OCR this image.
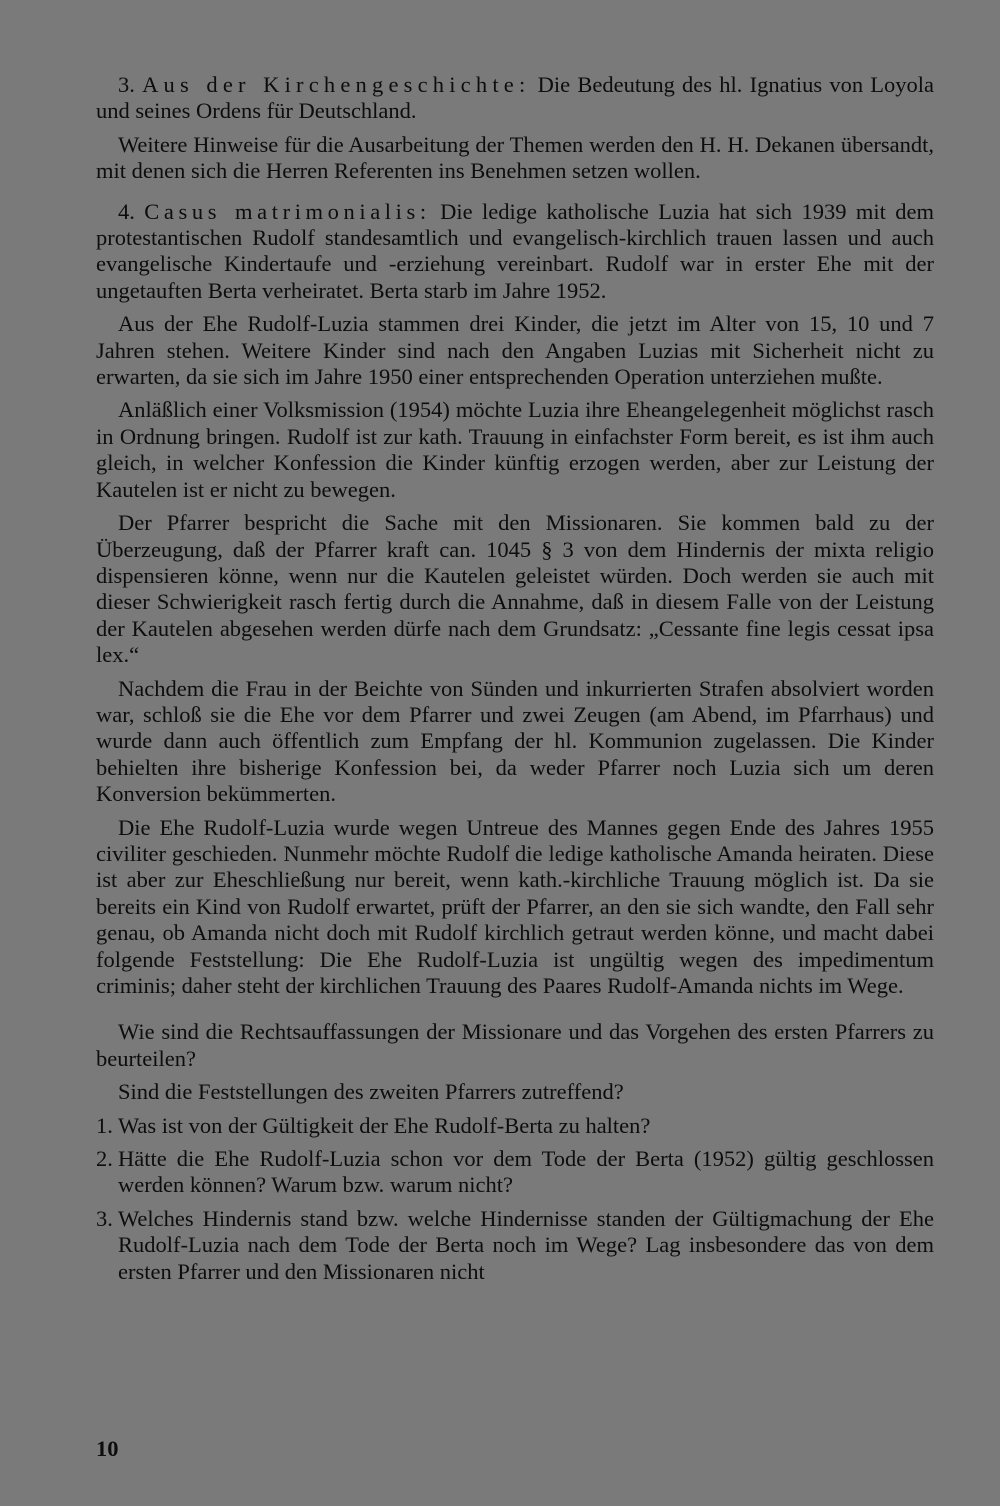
3. Aus der Kirchengeschichte: Die Bedeutung des hl. Ignatius von Loyola und seines Ordens für Deutschland.

Weitere Hinweise für die Ausarbeitung der Themen werden den H. H. Dekanen übersandt, mit denen sich die Herren Referenten ins Benehmen setzen wollen.

4. Casus matrimonialis: Die ledige katholische Luzia hat sich 1939 mit dem protestantischen Rudolf standesamtlich und evangelisch-kirchlich trauen lassen und auch evangelische Kindertaufe und -erziehung vereinbart. Rudolf war in erster Ehe mit der ungetauften Berta verheiratet. Berta starb im Jahre 1952.

Aus der Ehe Rudolf-Luzia stammen drei Kinder, die jetzt im Alter von 15, 10 und 7 Jahren stehen. Weitere Kinder sind nach den Angaben Luzias mit Sicherheit nicht zu erwarten, da sie sich im Jahre 1950 einer entsprechenden Operation unterziehen mußte.

Anläßlich einer Volksmission (1954) möchte Luzia ihre Eheangelegenheit möglichst rasch in Ordnung bringen. Rudolf ist zur kath. Trauung in einfachster Form bereit, es ist ihm auch gleich, in welcher Konfession die Kinder künftig erzogen werden, aber zur Leistung der Kautelen ist er nicht zu bewegen.

Der Pfarrer bespricht die Sache mit den Missionaren. Sie kommen bald zu der Überzeugung, daß der Pfarrer kraft can. 1045 § 3 von dem Hindernis der mixta religio dispensieren könne, wenn nur die Kautelen geleistet würden. Doch werden sie auch mit dieser Schwierigkeit rasch fertig durch die Annahme, daß in diesem Falle von der Leistung der Kautelen abgesehen werden dürfe nach dem Grundsatz: „Cessante fine legis cessat ipsa lex.“

Nachdem die Frau in der Beichte von Sünden und inkurrierten Strafen absolviert worden war, schloß sie die Ehe vor dem Pfarrer und zwei Zeugen (am Abend, im Pfarrhaus) und wurde dann auch öffentlich zum Empfang der hl. Kommunion zugelassen. Die Kinder behielten ihre bisherige Konfession bei, da weder Pfarrer noch Luzia sich um deren Konversion bekümmerten.

Die Ehe Rudolf-Luzia wurde wegen Untreue des Mannes gegen Ende des Jahres 1955 civiliter geschieden. Nunmehr möchte Rudolf die ledige katholische Amanda heiraten. Diese ist aber zur Eheschließung nur bereit, wenn kath.-kirchliche Trauung möglich ist. Da sie bereits ein Kind von Rudolf erwartet, prüft der Pfarrer, an den sie sich wandte, den Fall sehr genau, ob Amanda nicht doch mit Rudolf kirchlich getraut werden könne, und macht dabei folgende Feststellung: Die Ehe Rudolf-Luzia ist ungültig wegen des impedimentum criminis; daher steht der kirchlichen Trauung des Paares Rudolf-Amanda nichts im Wege.

Wie sind die Rechtsauffassungen der Missionare und das Vorgehen des ersten Pfarrers zu beurteilen?

Sind die Feststellungen des zweiten Pfarrers zutreffend?

1. Was ist von der Gültigkeit der Ehe Rudolf-Berta zu halten?
2. Hätte die Ehe Rudolf-Luzia schon vor dem Tode der Berta (1952) gültig geschlossen werden können? Warum bzw. warum nicht?
3. Welches Hindernis stand bzw. welche Hindernisse standen der Gültigmachung der Ehe Rudolf-Luzia nach dem Tode der Berta noch im Wege? Lag insbesondere das von dem ersten Pfarrer und den Missionaren nicht
10
